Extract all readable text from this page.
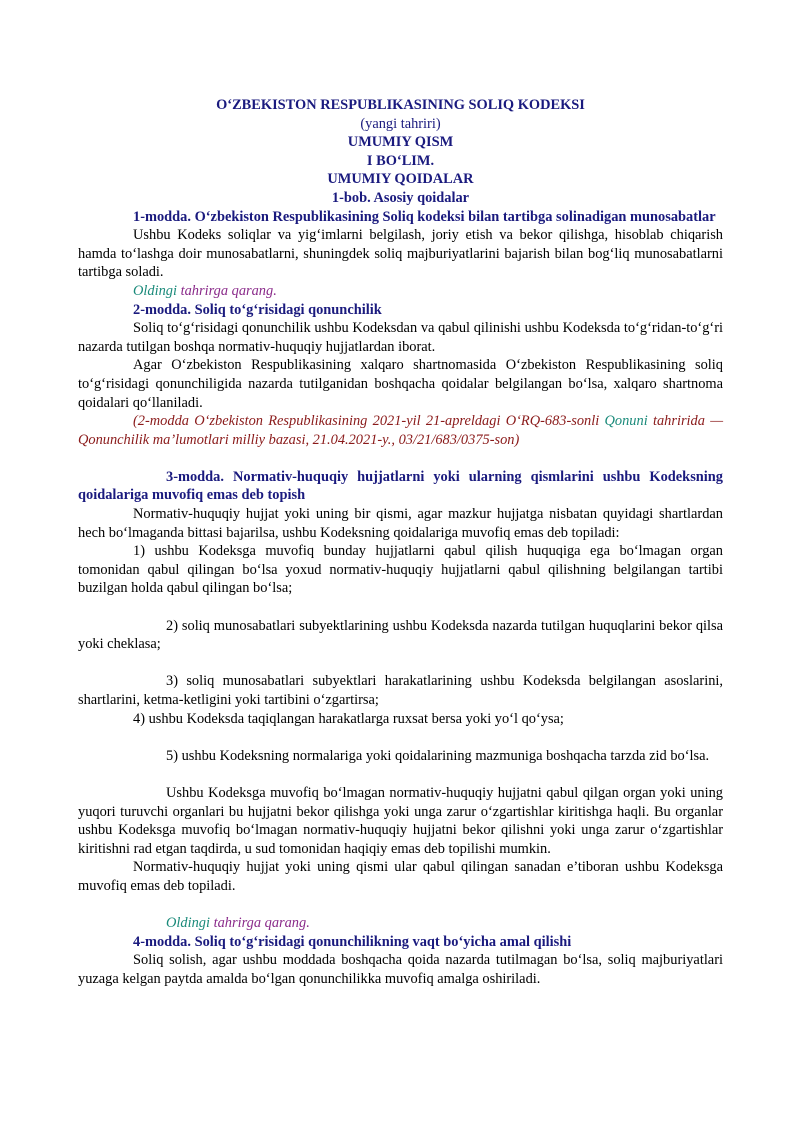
O‘ZBEKISTON RESPUBLIKASINING SOLIQ KODEKSI
(yangi tahriri)
UMUMIY QISM
I BO‘LIM.
UMUMIY QOIDALAR
1-bob. Asosiy qoidalar

1-modda. O‘zbekiston Respublikasining Soliq kodeksi bilan tartibga solinadigan munosabatlar

Ushbu Kodeks soliqlar va yig‘imlarni belgilash, joriy etish va bekor qilishga, hisoblab chiqarish hamda to‘lashga doir munosabatlarni, shuningdek soliq majburiyatlarini bajarish bilan bog‘liq munosabatlarni tartibga soladi.

Oldingi tahrirga qarang.

2-modda. Soliq to‘g‘risidagi qonunchilik

Soliq to‘g‘risidagi qonunchilik ushbu Kodeksdan va qabul qilinishi ushbu Kodeksda to‘g‘ridan-to‘g‘ri nazarda tutilgan boshqa normativ-huquqiy hujjatlardan iborat.

Agar O‘zbekiston Respublikasining xalqaro shartnomasida O‘zbekiston Respublikasining soliq to‘g‘risidagi qonunchiligida nazarda tutilganidan boshqacha qoidalar belgilangan bo‘lsa, xalqaro shartnoma qoidalari qo‘llaniladi.

(2-modda O‘zbekiston Respublikasining 2021-yil 21-apreldagi O‘RQ-683-sonli Qonuni tahririda — Qonunchilik ma’lumotlari milliy bazasi, 21.04.2021-y., 03/21/683/0375-son)

3-modda. Normativ-huquqiy hujjatlarni yoki ularning qismlarini ushbu Kodeksning qoidalariga muvofiq emas deb topish

Normativ-huquqiy hujjat yoki uning bir qismi, agar mazkur hujjatga nisbatan quyidagi shartlardan hech bo‘lmaganda bittasi bajarilsa, ushbu Kodeksning qoidalariga muvofiq emas deb topiladi:

1) ushbu Kodeksga muvofiq bunday hujjatlarni qabul qilish huquqiga ega bo‘lmagan organ tomonidan qabul qilingan bo‘lsa yoxud normativ-huquqiy hujjatlarni qabul qilishning belgilangan tartibi buzilgan holda qabul qilingan bo‘lsa;

2) soliq munosabatlari subyektlarining ushbu Kodeksda nazarda tutilgan huquqlarini bekor qilsa yoki cheklasa;

3) soliq munosabatlari subyektlari harakatlarining ushbu Kodeksda belgilangan asoslarini, shartlarini, ketma-ketligini yoki tartibini o‘zgartirsa;

4) ushbu Kodeksda taqiqlangan harakatlarga ruxsat bersa yoki yo‘l qo‘ysa;

5) ushbu Kodeksning normalariga yoki qoidalarining mazmuniga boshqacha tarzda zid bo‘lsa.

Ushbu Kodeksga muvofiq bo‘lmagan normativ-huquqiy hujjatni qabul qilgan organ yoki uning yuqori turuvchi organlari bu hujjatni bekor qilishga yoki unga zarur o‘zgartishlar kiritishga haqli. Bu organlar ushbu Kodeksga muvofiq bo‘lmagan normativ-huquqiy hujjatni bekor qilishni yoki unga zarur o‘zgartishlar kiritishni rad etgan taqdirda, u sud tomonidan haqiqiy emas deb topilishi mumkin.

Normativ-huquqiy hujjat yoki uning qismi ular qabul qilingan sanadan e’tiboran ushbu Kodeksga muvofiq emas deb topiladi.

Oldingi tahrirga qarang.

4-modda. Soliq to‘g‘risidagi qonunchilikning vaqt bo‘yicha amal qilishi

Soliq solish, agar ushbu moddada boshqacha qoida nazarda tutilmagan bo‘lsa, soliq majburiyatlari yuzaga kelgan paytda amalda bo‘lgan qonunchilikka muvofiq amalga oshiriladi.
